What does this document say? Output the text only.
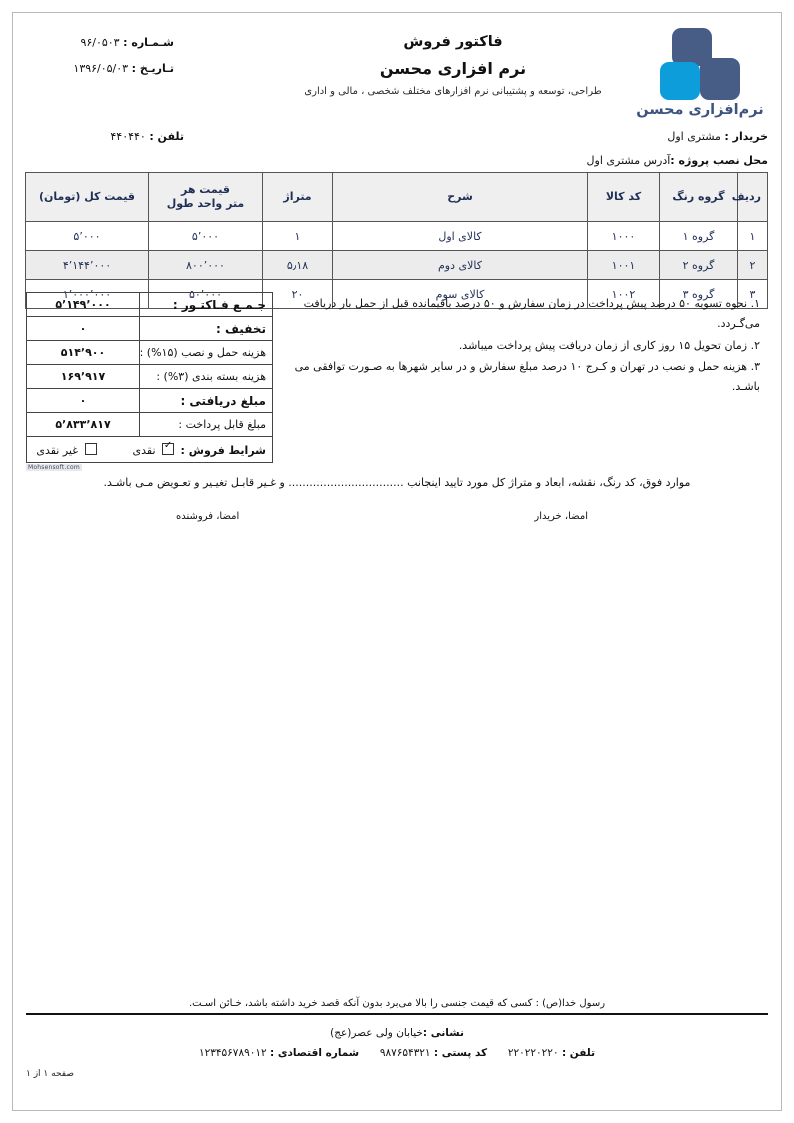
نرم‌افزاری محسن
فاکتور فروش
نرم افزاری محسن
طراحی، توسعه و پشتیبانی نرم افزارهای مختلف شخصی ، مالی و اداری
شـمـاره : ۹۶/۰۵۰۳
تـاریـخ : ۱۳۹۶/۰۵/۰۳
خریدار : مشتری اول
محل نصب پروژه :آدرس مشتری اول
تلفن : ۴۴۰۴۴۰
ردیف	گروه رنگ	کد کالا	شرح	متراژ	قیمت هر
متر واحد طول	قیمت کل (تومان)
۱	گروه ۱	۱۰۰۰	کالای اول	۱	۵٬۰۰۰	۵٬۰۰۰
۲	گروه ۲	۱۰۰۱	کالای دوم	۵٫۱۸	۸۰۰٬۰۰۰	۴٬۱۴۴٬۰۰۰
۳	گروه ۳	۱۰۰۲	کالای سوم	۲۰	۵۰٬۰۰۰	۱٬۰۰۰٬۰۰۰
جـمـع فـاکتـور :	۵٬۱۴۹٬۰۰۰
تخفیف :	۰
هزینه حمل و نصب (۱۵%) :	۵۱۴٬۹۰۰
هزینه بسته بندی (۳%) :	۱۶۹٬۹۱۷
مبلغ دریافتی :	۰
مبلغ قابل پرداخت :	۵٬۸۳۳٬۸۱۷
شرایط فروش : ✓ نقدی   غیر نقدی

۱. نحوه تسویه ۵۰ درصد پیش پرداخت در زمان سفارش و ۵۰ درصد باقیمانده قبل از حمل بار دریافت می‌گـردد.

۲. زمان تحویل ۱۵ روز کاری از زمان دریافت پیش پرداخت میباشد.

۳. هزینه حمل و نصب در تهران و کـرج ۱۰ درصد مبلغ سفارش و در سایر شهرها به صـورت توافقی می باشـد.

Mohsensoft.com
موارد فوق، کد رنگ، نقشه، ابعاد و متراژ کل مورد تایید اینجانب ................................. و غـیر قابـل تغیـیر و تعـویض مـی باشـد.
امضا، خریدار
امضا، فروشنده
رسول خدا(ص) : کسی که قیمت جنسی را بالا می‌برد بدون آنکه قصد خرید داشته باشد، خـائن اسـت.
نشانی :خیابان ولی عصر(عج)
تلفن : ۲۲۰۲۲۰۲۲۰  کد پستی : ۹۸۷۶۵۴۳۲۱  شماره اقتصادی : ۱۲۳۴۵۶۷۸۹۰۱۲
صفحه ۱ از ۱
